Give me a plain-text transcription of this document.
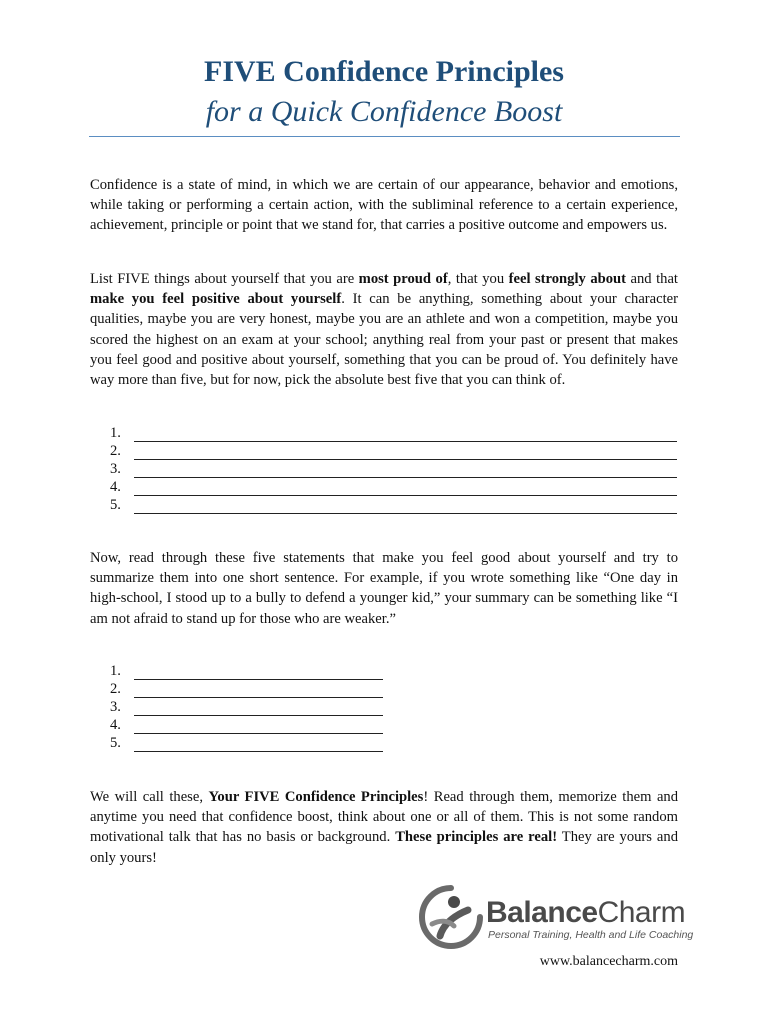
FIVE Confidence Principles
for a Quick Confidence Boost
Confidence is a state of mind, in which we are certain of our appearance, behavior and emotions, while taking or performing a certain action, with the subliminal reference to a certain experience, achievement, principle or point that we stand for, that carries a positive outcome and empowers us.
List FIVE things about yourself that you are most proud of, that you feel strongly about and that make you feel positive about yourself. It can be anything, something about your character qualities, maybe you are very honest, maybe you are an athlete and won a competition, maybe you scored the highest on an exam at your school; anything real from your past or present that makes you feel good and positive about yourself, something that you can be proud of. You definitely have way more than five, but for now, pick the absolute best five that you can think of.
1.
2.
3.
4.
5.
Now, read through these five statements that make you feel good about yourself and try to summarize them into one short sentence. For example, if you wrote something like “One day in high-school, I stood up to a bully to defend a younger kid,” your summary can be something like “I am not afraid to stand up for those who are weaker.”
1.
2.
3.
4.
5.
We will call these, Your FIVE Confidence Principles! Read through them, memorize them and anytime you need that confidence boost, think about one or all of them. This is not some random motivational talk that has no basis or background. These principles are real! They are yours and only yours!
BalanceCharm
Personal Training, Health and Life Coaching
www.balancecharm.com
